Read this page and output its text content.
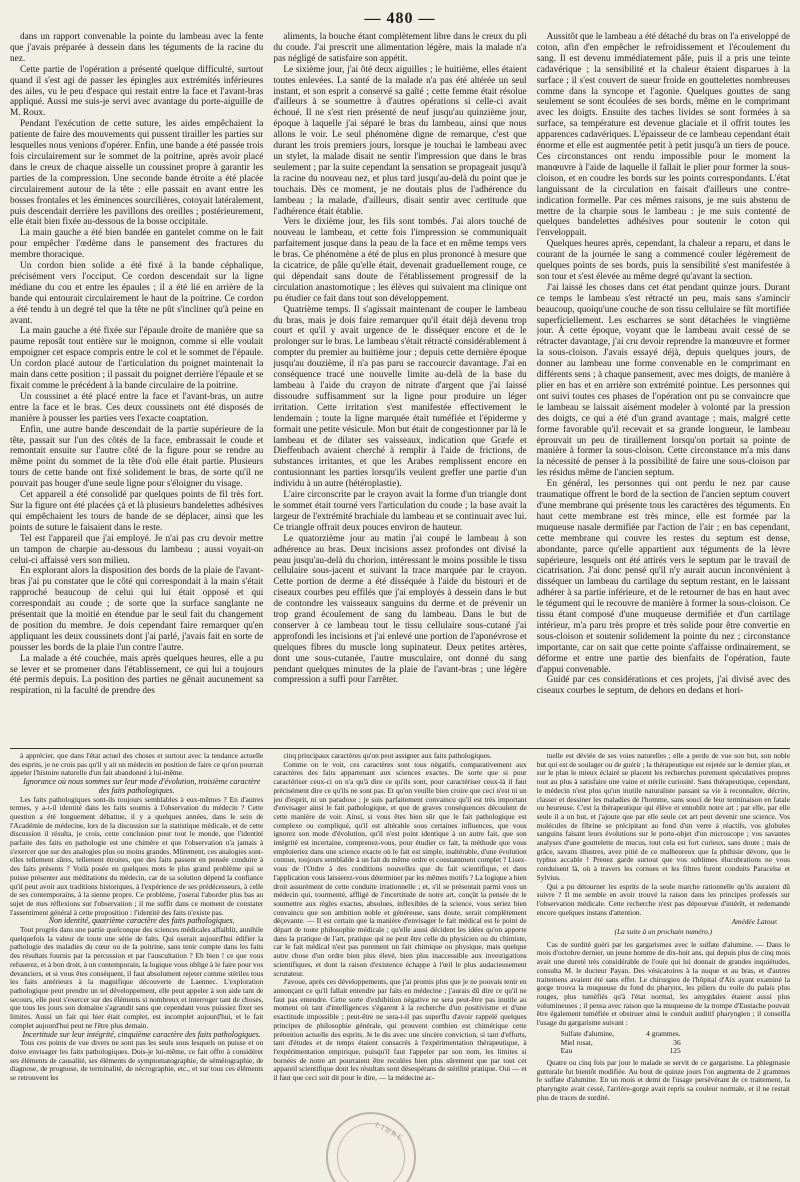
— 480 —

dans un rapport convenable la pointe du lambeau avec la fente que j'avais préparée à dessein dans les téguments de la racine du nez.

Cette partie de l'opération a présenté quelque difficulté, surtout quand il s'est agi de passer les épingles aux extrémités inférieures des ailes, vu le peu d'espace qui restait entre la face et l'avant-bras appliqué. Aussi me suis-je servi avec avantage du porte-aiguille de M. Roux.

Pendant l'exécution de cette suture, les aides empêchaient la patiente de faire des mouvements qui pussent tirailler les parties sur lesquelles nous venions d'opérer. Enfin, une bande a été passée trois fois circulairement sur le sommet de la poitrine, après avoir placé dans le creux de chaque aisselle un coussinet propre à garantir les parties de la compression. Une seconde bande étroite a été placée circulairement autour de la tête : elle passait en avant entre les bosses frontales et les éminences sourcilières, cotoyait latéralement, puis descendait derrière les pavillons des oreilles ; postérieurement, elle était bien fixée au-dessous de la bosse occipitale.

La main gauche a été bien bandée en gantelet comme on le fait pour empêcher l'œdème dans le pansement des fractures du membre thoracique.

Un cordon bien solide a été fixé à la bande céphalique, précisément vers l'occiput. Ce cordon descendait sur la ligne médiane du cou et entre les épaules ; il a été lié en arrière de la bande qui entourait circulairement le haut de la poitrine. Ce cordon a été tendu à un degré tel que la tête ne pût s'incliner qu'à peine en avant.

La main gauche a été fixée sur l'épaule droite de manière que sa paume reposât tout entière sur le moignon, comme si elle voulait empoigner cet espace compris entre le col et le sommet de l'épaule. Un cordon placé autour de l'articulation du poignet maintenait la main dans cette position ; il passait du poignet derrière l'épaule et se fixait comme le précédent à la bande circulaire de la poitrine.

Un coussinet a été placé entre la face et l'avant-bras, un autre entre la face et le bras. Ces deux coussinets ont été disposés de manière à pousser les parties vers l'exacte coaptation.

Enfin, une autre bande descendait de la partie supérieure de la tête, passait sur l'un des côtés de la face, embrassait le coude et remontait ensuite sur l'autre côté de la figure pour se rendre au même point du sommet de la tête d'où elle était partie. Plusieurs tours de cette bande ont fixé solidement le bras, de sorte qu'il ne pouvait pas bouger d'une seule ligne pour s'éloigner du visage.

Cet appareil a été consolidé par quelques points de fil très fort. Sur la figure ont été placées çà et là plusieurs bandelettes adhésives qui empêchaient les tours de bande de se déplacer, ainsi que les points de suture le faisaient dans le reste.

Tel est l'appareil que j'ai employé. Je n'ai pas cru devoir mettre un tampon de charpie au-dessous du lambeau ; aussi voyait-on celui-ci affaissé vers son milieu.

En explorant alors la disposition des bords de la plaie de l'avant-bras j'ai pu constater que le côté qui correspondait à la main s'était rapproché beaucoup de celui qui lui était opposé et qui correspondait au coude ; de sorte que la surface sanglante ne présentait que la moitié en étendue par le seul fait du changement de position du membre. Je dois cependant faire remarquer qu'en appliquant les deux coussinets dont j'ai parlé, j'avais fait en sorte de pousser les bords de la plaie l'un contre l'autre.

La malade a été couchée, mais après quelques heures, elle a pu se lever et se promener dans l'établissement, ce qui lui a toujours été permis depuis. La position des parties ne gênait aucunement sa respiration, ni la faculté de prendre des

aliments, la bouche étant complètement libre dans le creux du pli du coude. J'ai prescrit une alimentation légère, mais la malade n'a pas négligé de satisfaire son appétit.

Le sixième jour, j'ai ôté deux aiguilles ; le huitième, elles étaient toutes enlevées. La santé de la malade n'a pas été altérée un seul instant, et son esprit a conservé sa gaîté ; cette femme était résolue d'ailleurs à se soumettre à d'autres opérations si celle-ci avait échoué. Il ne s'est rien présenté de neuf jusqu'au quinzième jour, époque à laquelle j'ai séparé le bras du lambeau, ainsi que nous allons le voir. Le seul phénomène digne de remarque, c'est que durant les trois premiers jours, lorsque je touchai le lambeau avec un stylet, la malade disait ne sentir l'impression que dans le bras seulement ; par la suite cependant la sensation se propageait jusqu'à la racine du nouveau nez, et plus tard jusqu'au-delà du point que je touchais. Dès ce moment, je ne doutais plus de l'adhérence du lambeau ; la malade, d'ailleurs, disait sentir avec certitude que l'adhérence était établie.

Vers le dixième jour, les fils sont tombés. J'ai alors touché de nouveau le lambeau, et cette fois l'impression se communiquait parfaitement jusque dans la peau de la face et en même temps vers le bras. Ce phénomène a été de plus en plus prononcé à mesure que la cicatrice, de pâle qu'elle était, devenait graduellement rouge, ce qui dépendait sans doute de l'établissement progressif de la circulation anastomotique ; les élèves qui suivaient ma clinique ont pu étudier ce fait dans tout son développement.

Quatrième temps. Il s'agissait maintenant de couper le lambeau du bras, mais je dois faire remarquer qu'il était déjà devenu trop court et qu'il y avait urgence de le disséquer encore et de le prolonger sur le bras. Le lambeau s'était rétracté considérablement à compter du premier au huitième jour ; depuis cette dernière époque jusqu'au douzième, il n'a pas paru se raccourcir davantage. J'ai en conséquence tracé une nouvelle limite au-delà de la base du lambeau à l'aide du crayon de nitrate d'argent que j'ai laissé dissoudre suffisamment sur la ligne pour produire un léger irritation. Cette irritation s'est manifestée effectivement le lendemain ; toute la ligne marquée était tuméfiée et l'épiderme y formait une petite vésicule. Mon but était de congestionner par là le lambeau et de dilater ses vaisseaux, indication que Græfe et Dieffenbach avaient cherché à remplir à l'aide de frictions, de substances irritantes, et que les Arabes remplissent encore en contusionnant les parties lorsqu'ils veulent greffer une partie d'un individu à un autre (hétéroplastie).

L'aire circonscrite par le crayon avait la forme d'un triangle dont le sommet était tourné vers l'articulation du coude ; la base avait la largeur de l'extrémité brachiale du lambeau et se continuait avec lui. Ce triangle offrait deux pouces environ de hauteur.

Le quatorzième jour au matin j'ai coupé le lambeau à son adhérence au bras. Deux incisions assez profondes ont divisé la peau jusqu'au-delà du chorion, intéressant le moins possible le tissu cellulaire sous-jacent et suivant la trace marquée par le crayon. Cette portion de derme a été disséquée à l'aide du bistouri et de ciseaux courbes peu effilés que j'ai employés à dessein dans le but de contondre les vaisseaux sanguins du derme et de prévenir un trop grand écoulement de sang du lambeau. Dans le but de conserver à ce lambeau tout le tissu cellulaire sous-cutané j'ai approfondi les incisions et j'ai enlevé une portion de l'aponévrose et quelques fibres du muscle long supinateur. Deux petites artères, dont une sous-cutanée, l'autre musculaire, ont donné du sang pendant quelques minutes de la plaie de l'avant-bras ; une légère compression a suffi pour l'arrêter.

Aussitôt que le lambeau a été détaché du bras on l'a enveloppé de coton, afin d'en empêcher le refroidissement et l'écoulement du sang. Il est devenu immédiatement pâle, puis il a pris une teinte cadavérique ; la sensibilité et la chaleur étaient disparues à la surface ; il s'est couvert de sueur froide en gouttelettes nombreuses comme dans la syncope et l'agonie. Quelques gouttes de sang seulement se sont écoulées de ses bords, même en le comprimant avec les doigts. Ensuite des taches livides se sont formées à sa surface, sa température est devenue glaciale et il offrit toutes les apparences cadavériques. L'épaisseur de ce lambeau cependant était énorme et elle est augmentée petit à petit jusqu'à un tiers de pouce. Ces circonstances ont rendu impossible pour le moment la manœuvre à l'aide de laquelle il fallait le plier pour former la sous-cloison, et en coudre les bords sur les points correspondants. L'état languissant de la circulation en faisait d'ailleurs une contre-indication formelle. Par ces mêmes raisons, je me suis abstenu de mettre de la charpie sous le lambeau : je me suis contenté de quelques bandelettes adhésives pour soutenir le coton qui l'enveloppait.

Quelques heures après, cependant, la chaleur a reparu, et dans le courant de la journée le sang a commencé couler légèrement de quelques points de ses bords, puis la sensibilité s'est manifestée à son tour et s'est élevée au même degré qu'avant la section.

J'ai laissé les choses dans cet état pendant quinze jours. Durant ce temps le lambeau s'est rétracté un peu, mais sans s'amincir beaucoup, quoiqu'une couche de son tissu cellulaire se fût mortifiée superficiellement. Les escharres se sont détachées le vingtième jour. À cette époque, voyant que le lambeau avait cessé de se rétracter davantage, j'ai cru devoir reprendre la manœuvre et former la sous-cloison. J'avais essayé déjà, depuis quelques jours, de donner au lambeau une forme convenable en le comprimant en différents sens ; à chaque pansement, avec mes doigts, de manière à plier en bas et en arrière son extrémité pointue. Les personnes qui ont suivi toutes ces phases de l'opération ont pu se convaincre que le lambeau se laissait aisément modeler à volonté par la pression des doigts, ce qui a été d'un grand avantage ; mais, malgré cette forme favorable qu'il recevait et sa grande longueur, le lambeau éprouvait un peu de tiraillement lorsqu'on portait sa pointe de manière à former la sous-cloison. Cette circonstance m'a mis dans la nécessité de penser à la possibilité de faire une sous-cloison par les résidus même de l'ancien septum.

En général, les personnes qui ont perdu le nez par cause traumatique offrent le bord de la section de l'ancien septum couvert d'une membrane qui présente tous les caractères des téguments. En haut cette membrane est très mince, elle est formée par la muqueuse nasale dermifiée par l'action de l'air ; en bas cependant, cette membrane qui couvre les restes du septum est dense, abondante, parce qu'elle appartient aux téguments de la lèvre supérieure, lesquels ont été attirés vers le septum par le travail de cicatrisation. J'ai donc pensé qu'il n'y aurait aucun inconvénient à disséquer un lambeau du cartilage du septum restant, en le laissant adhérer à sa partie inférieure, et de le retourner de bas en haut avec le tégument qui le recouvre de manière à former la sous-cloison. Ce tissu étant composé d'une muqueuse dermifiée et d'un cartilage intérieur, m'a paru très propre et très solide pour être convertie en sous-cloison et soutenir solidement la pointe du nez ; circonstance importante, car on sait que cette pointe s'affaisse ordinairement, se déforme et entre une partie des bienfaits de l'opération, faute d'appui convenable.

Guidé par ces considérations et ces projets, j'ai divisé avec des ciseaux courbes le septum, de dehors en dedans et hori-

à apprécier, que dans l'état actuel des choses et surtout avec la tendance actuelle des esprits, je ne crois pas qu'il y ait un médecin en position de faire ce qu'on pourrait appeler l'histoire naturelle d'un fait abandonné à lui-même.

Ignorance où nous sommes sur leur mode d'évolution, troisième caractère des faits pathologiques.

Les faits pathologiques sont-ils toujours semblables à eux-mêmes ? En d'autres termes, y a-t-il identité dans les faits soumis à l'observation du médecin ? Cette question a été longuement débattue, il y a quelques années, dans le sein de l'Académie de médecine, lors de la discussion sur la statistique médicale, et de cette discussion il résulta, je crois, cette conclusion pour tout le monde, que l'identité parfaite des faits en pathologie est une chimère et que l'observation n'a jamais à s'exercer que sur des analogies plus ou moins grandes. Mûrement, ces analogies sont-elles tellement sûres, tellement étroites, que des faits passent en pensée conduire à des faits présents ? Voilà posée en quelques mots le plus grand problème qui se puisse présenter aux méditations du médecin, car de sa solution dépend la confiance qu'il peut avoir aux traditions historiques, à l'expérience de ses prédécesseurs, à celle de ses contemporains, à la sienne propre. Ce problème, j'oserai l'aborder plus bas au sujet de mes réflexions sur l'observation ; il me suffit dans ce moment de constater l'assentiment général à cette proposition : l'identité des faits n'existe pas.

Non identité, quatrième caractère des faits pathologiques.

Tout progrès dans une partie quelconque des sciences médicales affaiblit, annihile quelquefois la valeur de toute une série de faits. Qui oserait aujourd'hui édifier la pathologie des maladies du cœur ou de la poitrine, sans tenir compte dans les faits des résultats fournis par la percussion et par l'auscultation ? Eh bien ! ce que vous refuserez, et à bon droit, à un contemporain, la logique vous oblige à le faire pour vos devanciers, et si vous êtes conséquent, il faut absolument rejeter comme stériles tous les faits antérieurs à la magnifique découverte de Laennec. L'exploration pathologique peut prendre un tel développement, elle peut appeler à son aide tant de secours, elle peut s'exercer sur des éléments si nombreux et interroger tant de choses, que tous les jours son domaine s'agrandit sans que cependant vous puissiez fixer ses limites. Aussi un fait qui hier était complet, est incomplet aujourd'hui, et le fait complet aujourd'hui peut ne l'être plus demain.

Incertitude sur leur intégrité, cinquième caractère des faits pathologiques.

Tous ces points de vue divers ne sont pas les seuls sous lesquels on puisse et on doive envisager les faits pathologiques. Dois-je lui-même, ce fait offre à considérer ses éléments de causalité, ses éléments de symptomatographie, de séméiographie, de diagnose, de prognose, de terminalité, de nécrographie, etc., et sur tous ces éléments se retrouvent les

cinq principaux caractères qu'on peut assigner aux faits pathologiques.

Comme on le voit, ces caractères sont tous négatifs, comparativement aux caractères des faits appartenant aux sciences exactes. De sorte que si pour caractériser ceux-ci on n'a qu'à dire ce qu'ils sont, pour caractériser ceux-là il faut précisément dire ce qu'ils ne sont pas. Et qu'on veuille bien croire que ceci n'est ni un jeu d'esprit, ni un paradoxe ; je suis parfaitement convaincu qu'il est très important d'envisager ainsi le fait pathologique, et que de graves conséquences découlent de cette manière de voir. Ainsi, si vous êtes bien sûr que le fait pathologique est complexe ou compliqué, qu'il est altérable sous certaines influences, que vous ignorez son mode d'évolution, qu'il n'est point identique à un autre fait, que son intégrité est incertaine, comprenez-vous, pour étudier ce fait, la méthode que vous emploieriez dans une science exacte où le fait est simple, inaltérable, d'une évolution connue, toujours semblable à un fait du même ordre et constamment complet ? Lisez-vous de l'Ordre à des conditions nouvelles que du fait scientifique, et dans l'application vous laisserez-vous déterminer par les mêmes motifs ? La logique a bien droit assurément de cette conduite irrationnelle ; et, s'il se présentait parmi vous un médecin qui, tourmenté, affligé de l'incertitude de notre art, conçût la pensée de le soumettre aux règles exactes, absolues, inflexibles de la science, vous seriez bien convaincu que son ambition noble et généreuse, sans doute, serait complètement déçevante. — Il est certain que la manière d'envisager le fait médical est le point de départ de toute philosophie médicale ; qu'elle aussi décident les idées qu'on apporte dans la pratique de l'art, pratique qui ne peut être celle du physicien ou du chimiste, car le fait médical n'est pas purement un fait chimique ou physique, mais quelque autre chose d'un ordre bien plus élevé, bien plus inaccessible aux investigations scientifiques, et dont la raison d'existence échappe à l'œil le plus audacieusement scrutateur.

J'avoue, après ces développements, que j'ai promis plus que je ne pouvais tenir en annonçant ce qu'il fallait entendre par faits en médecine ; j'aurais dû dire ce qu'il ne faut pas entendre. Cette sorte d'exhibition négative ne sera peut-être pas inutile au moment où tant d'intelligences s'égarent à la recherche d'un positivisme et d'une exactitude impossible ; peut-être ne sera-t-il pas superflu d'avoir rappelé quelques principes de philosophie générale, qui prouvent combien est chimérique cette prétention actuelle des esprits. Je le dis avec une sincère conviction, si tant d'efforts, tant d'études et de temps étaient consacrés à l'expérimentation thérapeutique, à l'expérimentation empirique, puisqu'il faut l'appeler par son nom, les limites si bornées de notre art pourraient être reculées bien plus sûrement que par tout cet appareil scientifique dont les résultats sont désespérans de stérilité pratique. Oui — et il faut que ceci soit dit pour le dire, — la médecine ac-

tuelle est déviée de ses voies naturelles ; elle a perdu de vue son but, son noble but qui est de soulager ou de guérir ; la thérapeutique est rejetée sur le dernier plan, et sur le plan le mieux éclairé se placent les recherches purement spéculatives propres tout au plus à satisfaire une vaine et stérile curiosité. Sans thérapeutique, cependant, le médecin n'est plus qu'un inutile naturaliste passant sa vie à reconnaître, décrire, classer et dessiner les maladies de l'homme, sans souci de leur terminaison en fatale ou heureuse. C'est la thérapeutique qui élève et ennoblit notre art ; par elle, par elle seule il a un but, et j'ajoute que par elle seule cet art peut devenir une science. Vos molécules de fibrine se précipitant au fond d'un verre à réactifs, vos globules sanguins faisant leurs évolutions sur le porte-objet d'un microscope ; vos savantes analyses d'une gouttelette de mucus, tout cela est fort curieux, sans doute ; mais de grâce, savans illustres, avez pitié de ce malheureux que la phthisie dévore, que le typhus accable ! Prenez garde surtout que vos sublimes élucubrations ne vous conduisent là, où à travers les cornues et les filtres furent conduits Paracelse et Sylvius.

Qui a pu détourner les esprits de la seule marche rationnelle qu'ils auraient dû suivre ? Il me semble en avoir trouvé la raison dans les principes professés sur l'observation médicale. Cette recherche n'est pas dépourvue d'intérêt, et redemande encore quelques instans d'attention.

Amédée Latour.
(La suite à un prochain numéro.)

Cas de surdité guéri par les gargarismes avec le sulfate d'alumine. — Dans le mois d'octobre dernier, un jeune homme de dix-huit ans, qui depuis plus de cinq mois avait une dureté très considérable de l'ouïe qui lui donnait de grandes inquiétudes, consulta M. le docteur Payan. Des vésicatoires à la nuque et au bras, et d'autres traitemens avaient été sans effet. Le chirurgien de l'hôpital d'Aix ayant examiné la gorge trouva la muqueuse du fond du pharynx, les piliers du voile du palais plus rouges, plus tuméfiés qu'à l'état normal, les amygdales étaient aussi plus volumineuses ; il pensa avec raison que la muqueuse de la trompe d'Eustache pouvait être également tuméfiée et obstruer ainsi le conduit auditif pharyngien ; il conseilla l'usage du gargarisme suivant :

Sulfate d'alumine,	4 grammes.
Miel rosat,	36
Eau	125

Quatre ou cinq fois par jour le malade se servit de ce gargarisme. La phlegmasie gutturale fut bientôt modifiée. Au bout de quinze jours l'on augmenta de 2 grammes le sulfate d'alumine. En un mois et demi de l'usage persévérant de ce traitement, la pharyngite avait cessé, l'arrière-gorge avait repris sa couleur normale, et il ne restait plus de traces de surdité.

LIBRE
